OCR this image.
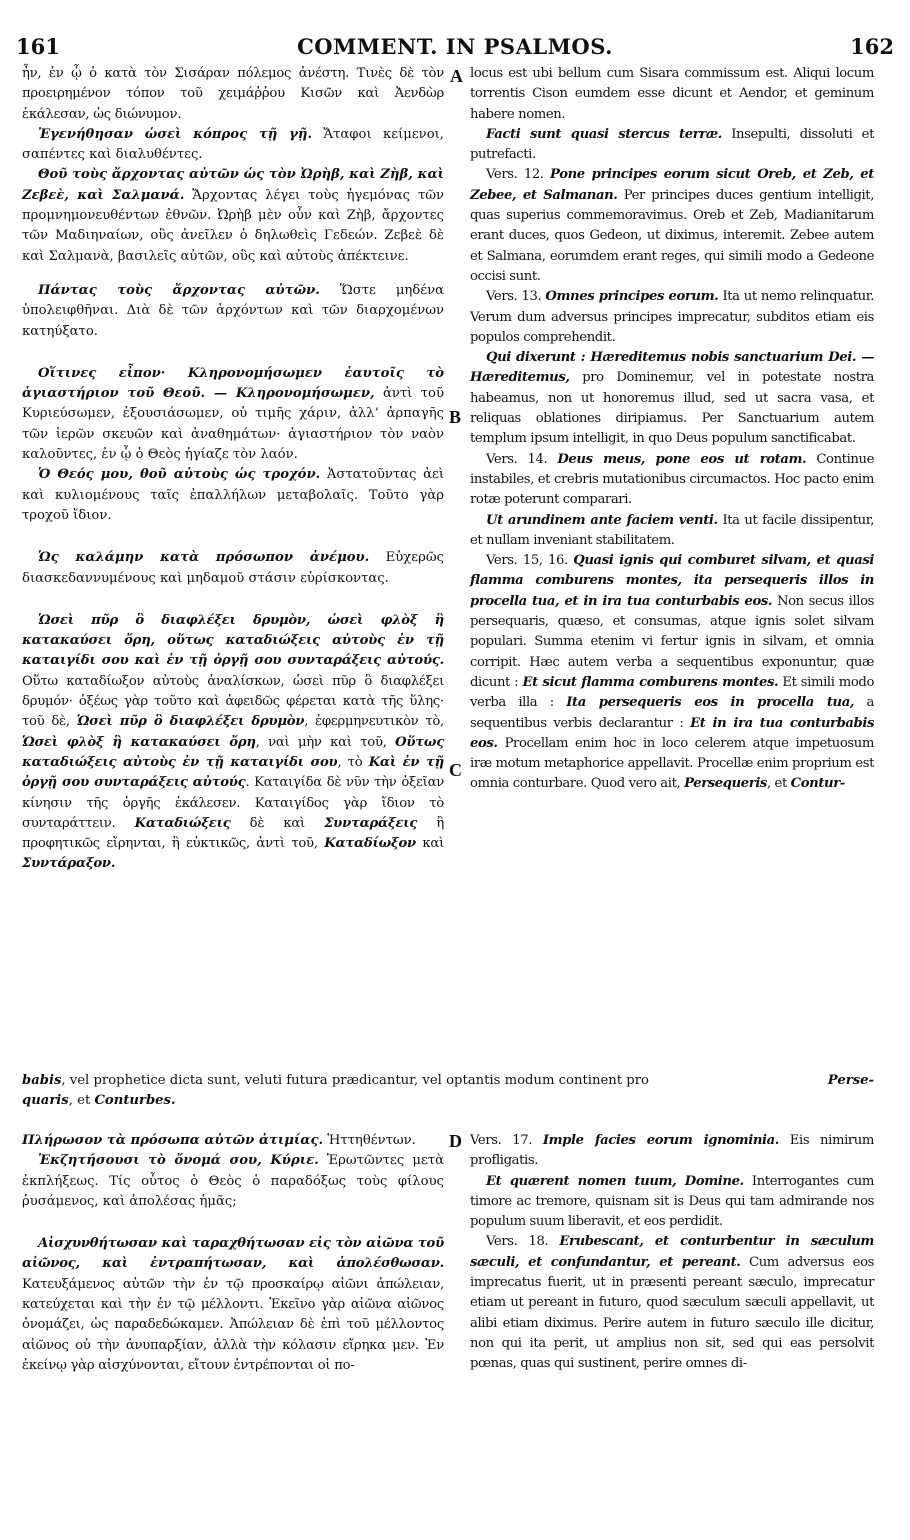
161	COMMENT. IN PSALMOS.	162
A
B
C
D

ἦν, ἐν ᾧ ὁ κατὰ τὸν Σισάραν πόλεμος ἀνέστη. Τινὲς δὲ τὸν προειρημένον τόπον τοῦ χειμάῤῥου Κισῶν καὶ Ἀενδὼρ ἐκάλεσαν, ὡς διώνυμον.

Ἐγενήθησαν ὡσεὶ κόπρος τῇ γῇ. Ἄταφοι κείμενοι, σαπέντες καὶ διαλυθέντες.

Θοῦ τοὺς ἄρχοντας αὐτῶν ὡς τὸν Ὠρὴβ, καὶ Ζὴβ, καὶ Ζεβεὲ, καὶ Σαλμανά. Ἄρχοντας λέγει τοὺς ἡγεμόνας τῶν προμνημονευθέντων ἐθνῶν. Ὠρὴβ μὲν οὖν καὶ Ζὴβ, ἄρχοντες τῶν Μαδιηναίων, οὓς ἀνεῖλεν ὁ δηλωθεὶς Γεδεών. Ζεβεὲ δὲ καὶ Σαλμανὰ, βασιλεῖς αὐτῶν, οὓς καὶ αὐτοὺς ἀπέκτεινε.

Πάντας τοὺς ἄρχοντας αὐτῶν. Ὥστε μηδένα ὑπολειφθῆναι. Διὰ δὲ τῶν ἀρχόντων καὶ τῶν διαρχομένων κατηύξατο.

Οἵτινες εἶπον· Κληρονομήσωμεν ἑαυτοῖς τὸ ἁγιαστήριον τοῦ Θεοῦ. — Κληρονομήσωμεν, ἀντὶ τοῦ Κυριεύσωμεν, ἐξουσιάσωμεν, οὐ τιμῆς χάριν, ἀλλ’ ἁρπαγῆς τῶν ἱερῶν σκευῶν καὶ ἀναθημάτων· ἁγιαστήριον τὸν ναὸν καλοῦντες, ἐν ᾧ ὁ Θεὸς ἡγίαζε τὸν λαόν.

Ὁ Θεός μου, θοῦ αὐτοὺς ὡς τροχόν. Ἀστατοῦντας ἀεὶ καὶ κυλιομένους ταῖς ἐπαλλήλων μεταβολαῖς. Τοῦτο γὰρ τροχοῦ ἴδιον.

Ὡς καλάμην κατὰ πρόσωπον ἀνέμου. Εὐχερῶς διασκεδαννυμένους καὶ μηδαμοῦ στάσιν εὑρίσκοντας.

Ὡσεὶ πῦρ ὃ διαφλέξει δρυμὸν, ὡσεὶ φλὸξ ἣ κατακαύσει ὄρη, οὕτως καταδιώξεις αὐτοὺς ἐν τῇ καταιγίδι σου καὶ ἐν τῇ ὀργῇ σου συνταράξεις αὐτούς. Οὕτω καταδίωξον αὐτοὺς ἀναλίσκων, ὡσεὶ πῦρ ὃ διαφλέξει δρυμόν· ὀξέως γὰρ τοῦτο καὶ ἀφειδῶς φέρεται κατὰ τῆς ὕλης· τοῦ δὲ, Ὡσεὶ πῦρ ὃ διαφλέξει δρυμὸν, ἐφερμηνευτικὸν τὸ, Ὡσεὶ φλὸξ ἣ κατακαύσει ὄρη, ναὶ μὴν καὶ τοῦ, Οὕτως καταδιώξεις αὐτοὺς ἐν τῇ καταιγίδι σου, τὸ Καὶ ἐν τῇ ὀργῇ σου συνταράξεις αὐτούς. Καταιγίδα δὲ νῦν τὴν ὀξεῖαν κίνησιν τῆς ὀργῆς ἐκάλεσεν. Καταιγίδος γὰρ ἴδιον τὸ συνταράττειν. Καταδιώξεις δὲ καὶ Συνταράξεις ἢ προφητικῶς εἴρηνται, ἢ εὐκτικῶς, ἀντὶ τοῦ, Καταδίωξον καὶ Συντάραξον.

babis, vel prophetice dicta sunt, veluti futura prædicantur, vel optantis modum continent pro	Perse-
quaris, et Conturbes.

Πλήρωσον τὰ πρόσωπα αὐτῶν ἀτιμίας. Ἡττηθέντων.

Ἐκζητήσουσι τὸ ὄνομά σου, Κύριε. Ἐρωτῶντες μετὰ ἐκπλήξεως. Τίς οὗτος ὁ Θεὸς ὁ παραδόξως τοὺς φίλους ῥυσάμενος, καὶ ἀπολέσας ἡμᾶς;

Αἰσχυνθήτωσαν καὶ ταραχθήτωσαν εἰς τὸν αἰῶνα τοῦ αἰῶνος, καὶ ἐντραπήτωσαν, καὶ ἀπολέσθωσαν. Κατευξάμενος αὐτῶν τὴν ἐν τῷ προσκαίρῳ αἰῶνι ἀπώλειαν, κατεύχεται καὶ τὴν ἐν τῷ μέλλοντι. Ἐκεῖνο γὰρ αἰῶνα αἰῶνος ὀνομάζει, ὡς παραδεδώκαμεν. Ἀπώλειαν δὲ ἐπὶ τοῦ μέλλοντος αἰῶνος οὐ τὴν ἀνυπαρξίαν, ἀλλὰ τὴν κόλασιν εἴρηκα μεν. Ἐν ἐκείνῳ γὰρ αἰσχύνονται, εἴτουν ἐντρέπονται οἱ πο-

locus est ubi bellum cum Sisara commissum est. Aliqui locum torrentis Cison eumdem esse dicunt et Aendor, et geminum habere nomen.

Facti sunt quasi stercus terræ. Insepulti, dissoluti et putrefacti.

Vers. 12. Pone principes eorum sicut Oreb, et Zeb, et Zebee, et Salmanan. Per principes duces gentium intelligit, quas superius commemoravimus. Oreb et Zeb, Madianitarum erant duces, quos Gedeon, ut diximus, interemit. Zebee autem et Salmana, eorumdem erant reges, qui simili modo a Gedeone occisi sunt.

Vers. 13. Omnes principes eorum. Ita ut nemo relinquatur. Verum dum adversus principes imprecatur, subditos etiam eis populos comprehendit.

Qui dixerunt : Hæreditemus nobis sanctuarium Dei. — Hæreditemus, pro Dominemur, vel in potestate nostra habeamus, non ut honoremus illud, sed ut sacra vasa, et reliquas oblationes diripiamus. Per Sanctuarium autem templum ipsum intelligit, in quo Deus populum sanctificabat.

Vers. 14. Deus meus, pone eos ut rotam. Continue instabiles, et crebris mutationibus circumactos. Hoc pacto enim rotæ poterunt comparari.

Ut arundinem ante faciem venti. Ita ut facile dissipentur, et nullam inveniant stabilitatem.

Vers. 15, 16. Quasi ignis qui comburet silvam, et quasi flamma comburens montes, ita persequeris illos in procella tua, et in ira tua conturbabis eos. Non secus illos persequaris, quæso, et consumas, atque ignis solet silvam populari. Summa etenim vi fertur ignis in silvam, et omnia corripit. Hæc autem verba a sequentibus exponuntur, quæ dicunt : Et sicut flamma comburens montes. Et simili modo verba illa : Ita persequeris eos in procella tua, a sequentibus verbis declarantur : Et in ira tua conturbabis eos. Procellam enim hoc in loco celerem atque impetuosum iræ motum metaphorice appellavit. Procellæ enim proprium est omnia conturbare. Quod vero ait, Persequeris, et Contur-

Vers. 17. Imple facies eorum ignominia. Eis nimirum profligatis.

Et quærent nomen tuum, Domine. Interrogantes cum timore ac tremore, quisnam sit is Deus qui tam admirande nos populum suum liberavit, et eos perdidit.

Vers. 18. Erubescant, et conturbentur in sæculum sæculi, et confundantur, et pereant. Cum adversus eos imprecatus fuerit, ut in præsenti pereant sæculo, imprecatur etiam ut pereant in futuro, quod sæculum sæculi appellavit, ut alibi etiam diximus. Perire autem in futuro sæculo ille dicitur, non qui ita perit, ut amplius non sit, sed qui eas persolvit pœnas, quas qui sustinent, perire omnes di-
